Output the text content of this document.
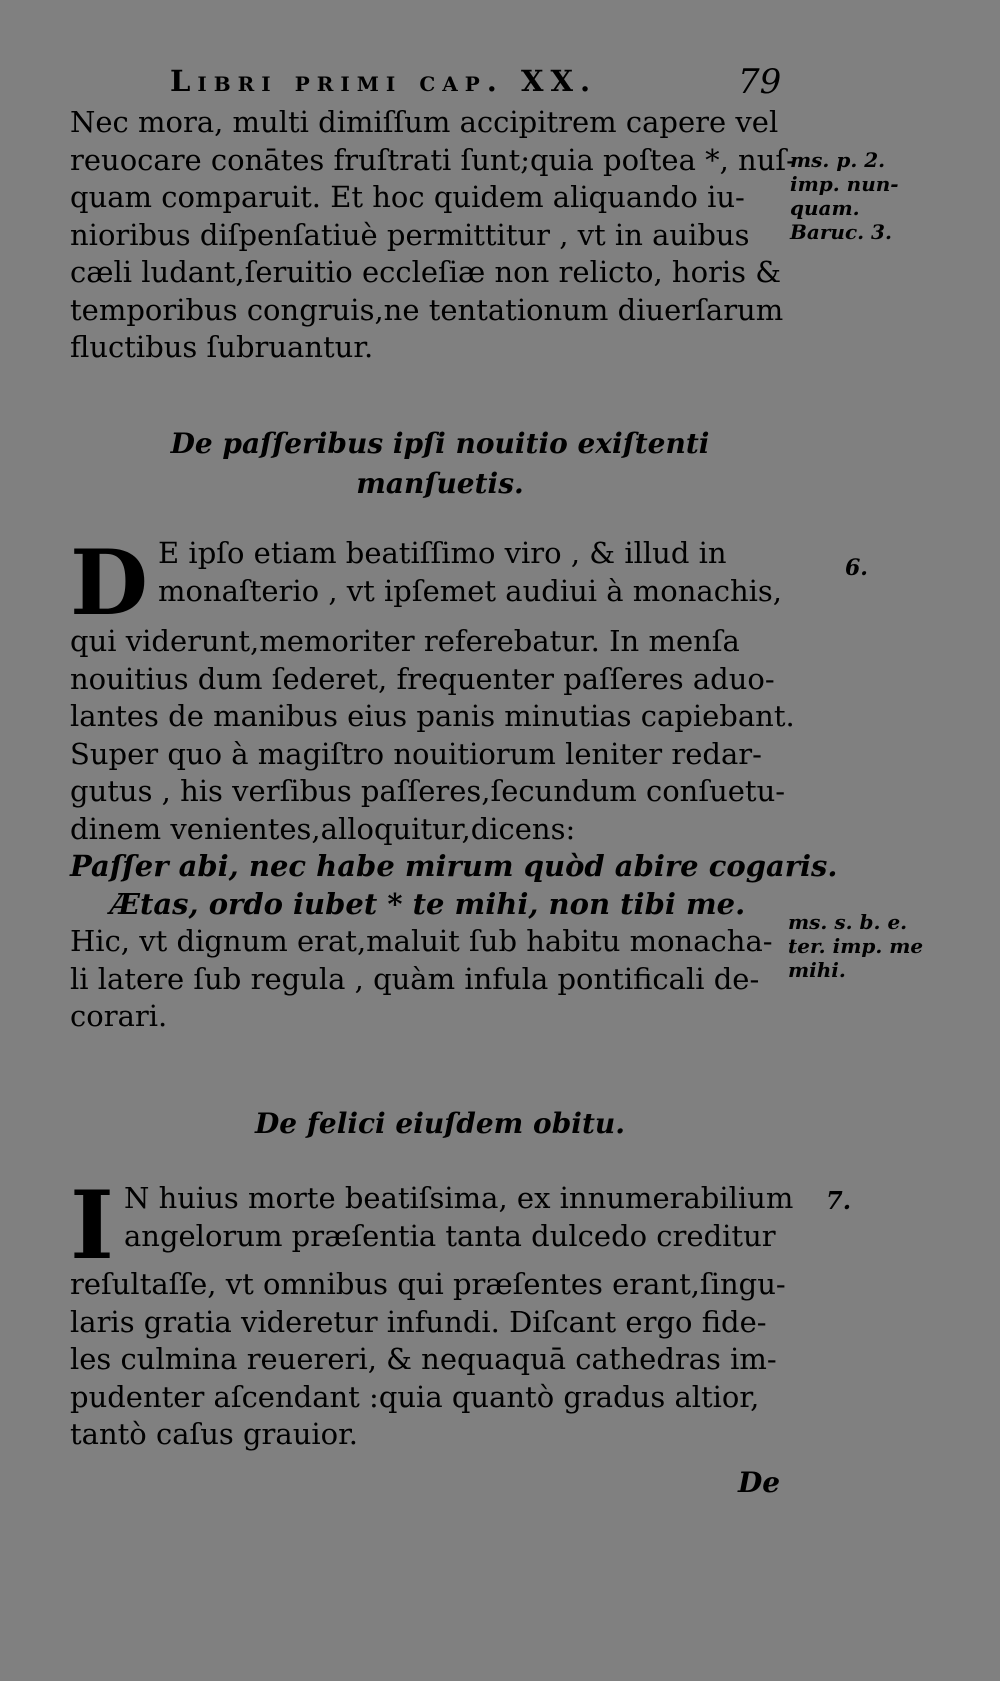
Libri primi cap. XX.	79
Nec mora, multi dimiſſum accipitrem capere vel
reuocare conātes fruſtrati ſunt;quia poſtea *, nuſ-
quam comparuit. Et hoc quidem aliquando iu-
nioribus diſpenſatiuè permittitur , vt in auibus
cæli ludant,ſeruitio eccleſiæ non relicto, horis &
temporibus congruis,ne tentationum diuerſarum
fluctibus ſubruantur.
De paſſeribus ipſi nouitio exiſtenti
manſuetis.
D E ipſo etiam beatiſſimo viro , & illud in
monaſterio , vt ipſemet audiui à monachis,
qui viderunt,memoriter referebatur. In menſa
nouitius dum ſederet, frequenter paſſeres aduo-
lantes de manibus eius panis minutias capiebant.
Super quo à magiſtro nouitiorum leniter redar-
gutus , his verſibus paſſeres,ſecundum conſuetu-
dinem venientes,alloquitur,dicens:
Paſſer abi, nec habe mirum quòd abire cogaris.
Ætas, ordo iubet * te mihi, non tibi me.
Hic, vt dignum erat,maluit ſub habitu monacha-
li latere ſub regula , quàm infula pontificali de-
corari.
De felici eiuſdem obitu.
I N huius morte beatiſsima, ex innumerabilium
angelorum præſentia tanta dulcedo creditur
reſultaſſe, vt omnibus qui præſentes erant,ſingu-
laris gratia videretur infundi. Diſcant ergo fide-
les culmina reuereri, & nequaquā cathedras im-
pudenter aſcendant :quia quantò gradus altior,
tantò caſus grauior.
ms. p. 2.
imp. nun-
quam.
Baruc. 3.
6.
ms. s. b. e.
ter. imp. me
mihi.
7.
De
